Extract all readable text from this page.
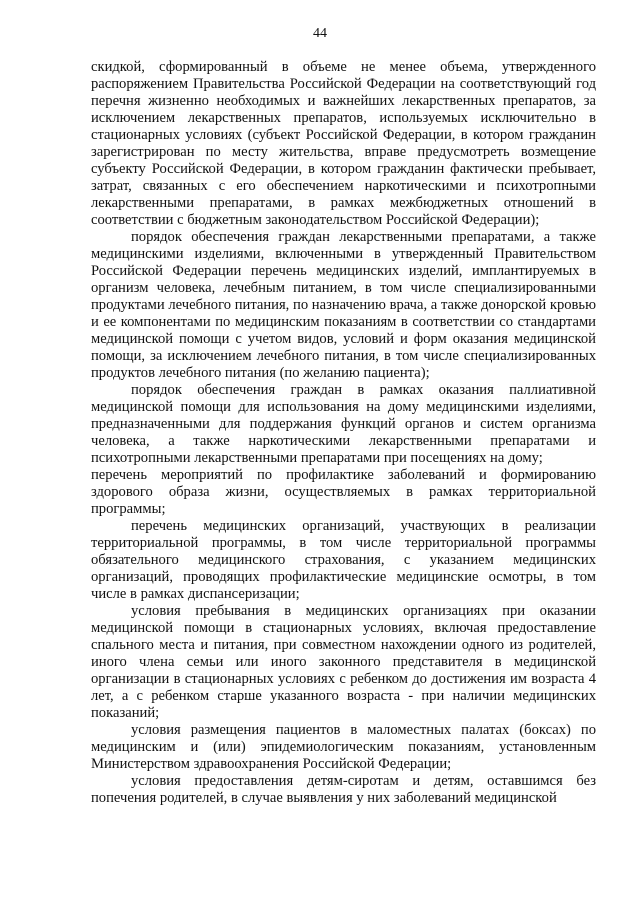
44

скидкой, сформированный в объеме не менее объема, утвержденного распоряжением Правительства Российской Федерации на соответствующий год перечня жизненно необходимых и важнейших лекарственных препаратов, за исключением лекарственных препаратов, используемых исключительно в стационарных условиях (субъект Российской Федерации, в котором гражданин зарегистрирован по месту жительства, вправе предусмотреть возмещение субъекту Российской Федерации, в котором гражданин фактически пребывает, затрат, связанных с его обеспечением наркотическими и психотропными лекарственными препаратами, в рамках межбюджетных отношений в соответствии с бюджетным законодательством Российской Федерации);

порядок обеспечения граждан лекарственными препаратами, а также медицинскими изделиями, включенными в утвержденный Правительством Российской Федерации перечень медицинских изделий, имплантируемых в организм человека, лечебным питанием, в том числе специализированными продуктами лечебного питания, по назначению врача, а также донорской кровью и ее компонентами по медицинским показаниям в соответствии со стандартами медицинской помощи с учетом видов, условий и форм оказания медицинской помощи, за исключением лечебного питания, в том числе специализированных продуктов лечебного питания (по желанию пациента);

порядок обеспечения граждан в рамках оказания паллиативной медицинской помощи для использования на дому медицинскими изделиями, предназначенными для поддержания функций органов и систем организма человека, а также наркотическими лекарственными препаратами и психотропными лекарственными препаратами при посещениях на дому;

перечень мероприятий по профилактике заболеваний и формированию здорового образа жизни, осуществляемых в рамках территориальной программы;

перечень медицинских организаций, участвующих в реализации территориальной программы, в том числе территориальной программы обязательного медицинского страхования, с указанием медицинских организаций, проводящих профилактические медицинские осмотры, в том числе в рамках диспансеризации;

условия пребывания в медицинских организациях при оказании медицинской помощи в стационарных условиях, включая предоставление спального места и питания, при совместном нахождении одного из родителей, иного члена семьи или иного законного представителя в медицинской организации в стационарных условиях с ребенком до достижения им возраста 4 лет, а с ребенком старше указанного возраста - при наличии медицинских показаний;

условия размещения пациентов в маломестных палатах (боксах) по медицинским и (или) эпидемиологическим показаниям, установленным Министерством здравоохранения Российской Федерации;

условия предоставления детям-сиротам и детям, оставшимся без попечения родителей, в случае выявления у них заболеваний медицинской
